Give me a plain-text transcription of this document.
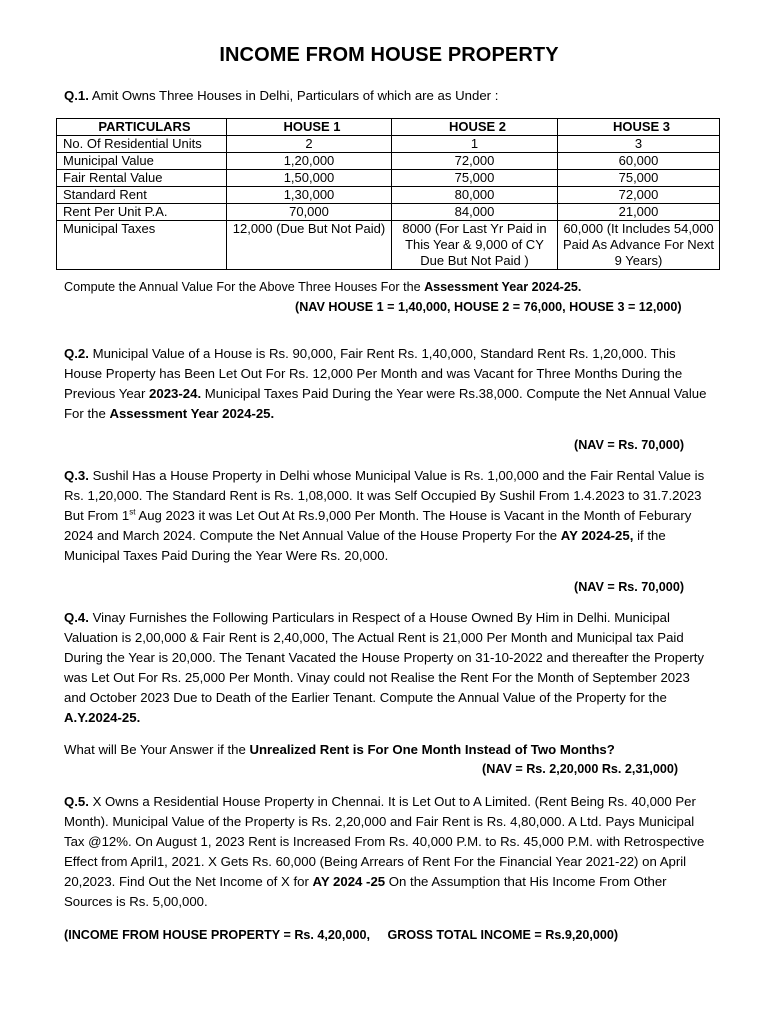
INCOME FROM HOUSE PROPERTY
Q.1. Amit Owns Three Houses in Delhi, Particulars of which are as Under :
PARTICULARS	HOUSE 1	HOUSE 2	HOUSE 3
No. Of Residential Units	2	1	3
Municipal Value	1,20,000	72,000	60,000
Fair Rental Value	1,50,000	75,000	75,000
Standard Rent	1,30,000	80,000	72,000
Rent Per Unit P.A.	70,000	84,000	21,000
Municipal Taxes	12,000 (Due But Not Paid)	8000 (For Last Yr Paid in This Year & 9,000 of CY Due But Not Paid )	60,000 (It Includes 54,000 Paid As Advance For Next 9 Years)
Compute the Annual Value For the Above Three Houses For the Assessment Year 2024-25.
(NAV HOUSE 1 = 1,40,000, HOUSE 2 = 76,000, HOUSE 3 = 12,000)
Q.2. Municipal Value of a House is Rs. 90,000, Fair Rent Rs. 1,40,000, Standard Rent Rs. 1,20,000. This House Property has Been Let Out For Rs. 12,000 Per Month and was Vacant for Three Months During the Previous Year 2023-24. Municipal Taxes Paid During the Year were Rs.38,000. Compute the Net Annual Value For the Assessment Year 2024-25.
(NAV = Rs. 70,000)
Q.3. Sushil Has a House Property in Delhi whose Municipal Value is Rs. 1,00,000 and the Fair Rental Value is Rs. 1,20,000. The Standard Rent is Rs. 1,08,000. It was Self Occupied By Sushil From 1.4.2023 to 31.7.2023 But From 1st Aug 2023 it was Let Out At Rs.9,000 Per Month. The House is Vacant in the Month of Feburary 2024 and March 2024. Compute the Net Annual Value of the House Property For the AY 2024-25, if the Municipal Taxes Paid During the Year Were Rs. 20,000.
(NAV = Rs. 70,000)
Q.4. Vinay Furnishes the Following Particulars in Respect of a House Owned By Him in Delhi. Municipal Valuation is 2,00,000 & Fair Rent is 2,40,000, The Actual Rent is 21,000 Per Month and Municipal tax Paid During the Year is 20,000. The Tenant Vacated the House Property on 31-10-2022 and thereafter the Property was Let Out For Rs. 25,000 Per Month. Vinay could not Realise the Rent For the Month of September 2023 and October 2023 Due to Death of the Earlier Tenant. Compute the Annual Value of the Property for the A.Y.2024-25.
What will Be Your Answer if the Unrealized Rent is For One Month Instead of Two Months?
(NAV = Rs. 2,20,000 Rs. 2,31,000)
Q.5. X Owns a Residential House Property in Chennai. It is Let Out to A Limited. (Rent Being Rs. 40,000 Per Month). Municipal Value of the Property is Rs. 2,20,000 and Fair Rent is Rs. 4,80,000. A Ltd. Pays Municipal Tax @12%. On August 1, 2023 Rent is Increased From Rs. 40,000 P.M. to Rs. 45,000 P.M. with Retrospective Effect from April1, 2021. X Gets Rs. 60,000 (Being Arrears of Rent For the Financial Year 2021-22) on April 20,2023. Find Out the Net Income of X for AY 2024 -25 On the Assumption that His Income From Other Sources is Rs. 5,00,000.
(INCOME FROM HOUSE PROPERTY = Rs. 4,20,000,     GROSS TOTAL INCOME = Rs.9,20,000)
